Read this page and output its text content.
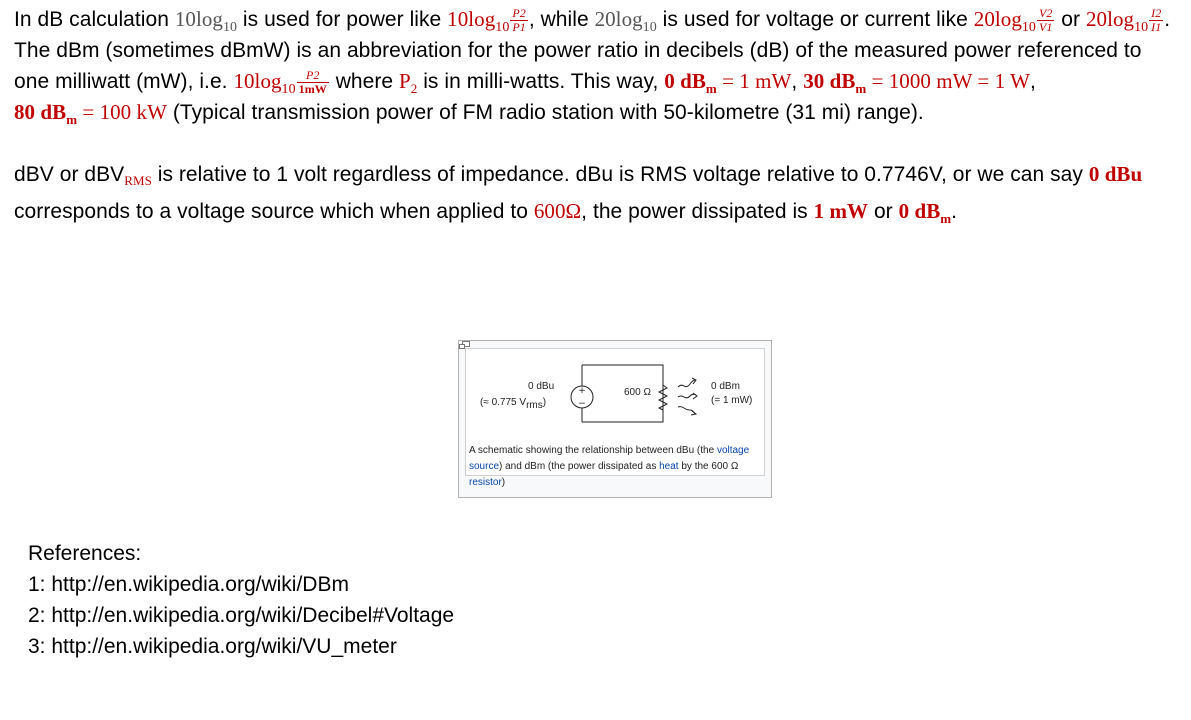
In dB calculation $10\log_{10}$ is used for power like $10\log_{10} \frac{P2}{P1}$ , while $20\log_{10}$ is used for voltage or current like $20\log_{10} \frac{V2}{V1}$ or $20\log_{10} \frac{I2}{I1}$ . The dBm (sometimes dBmW) is an abbreviation for the power ratio in decibels (dB) of the measured power referenced to one milliwatt (mW), i.e. $10\log_{10} \frac{P2}{1mW}$ where $P_2$ is in milli-watts. This way, 0 $dB_m = 1$ mW, 30 $dB_m = 1000$ mW = 1 W, 80 $dB_m = 100$ kW (Typical transmission power of FM radio station with 50-kilometre (31 mi) range).

dBV or dBVRMS is relative to 1 volt regardless of impedance. dBu is RMS voltage relative to 0.7746V, or we can say 0 dBu corresponds to a voltage source which when applied to 600Ω, the power dissipated is 1 mW or 0 $dB_m$.

+
−
0 dBu
(≈ 0.775 $V_{rms}$)
600 Ω
0 dBm
(= 1 mW)
A schematic showing the relationship between dBu (the voltage source) and dBm (the power dissipated as heat by the 600 Ω resistor)
References:
1: http://en.wikipedia.org/wiki/DBm
2: http://en.wikipedia.org/wiki/Decibel#Voltage
3: http://en.wikipedia.org/wiki/VU_meter
